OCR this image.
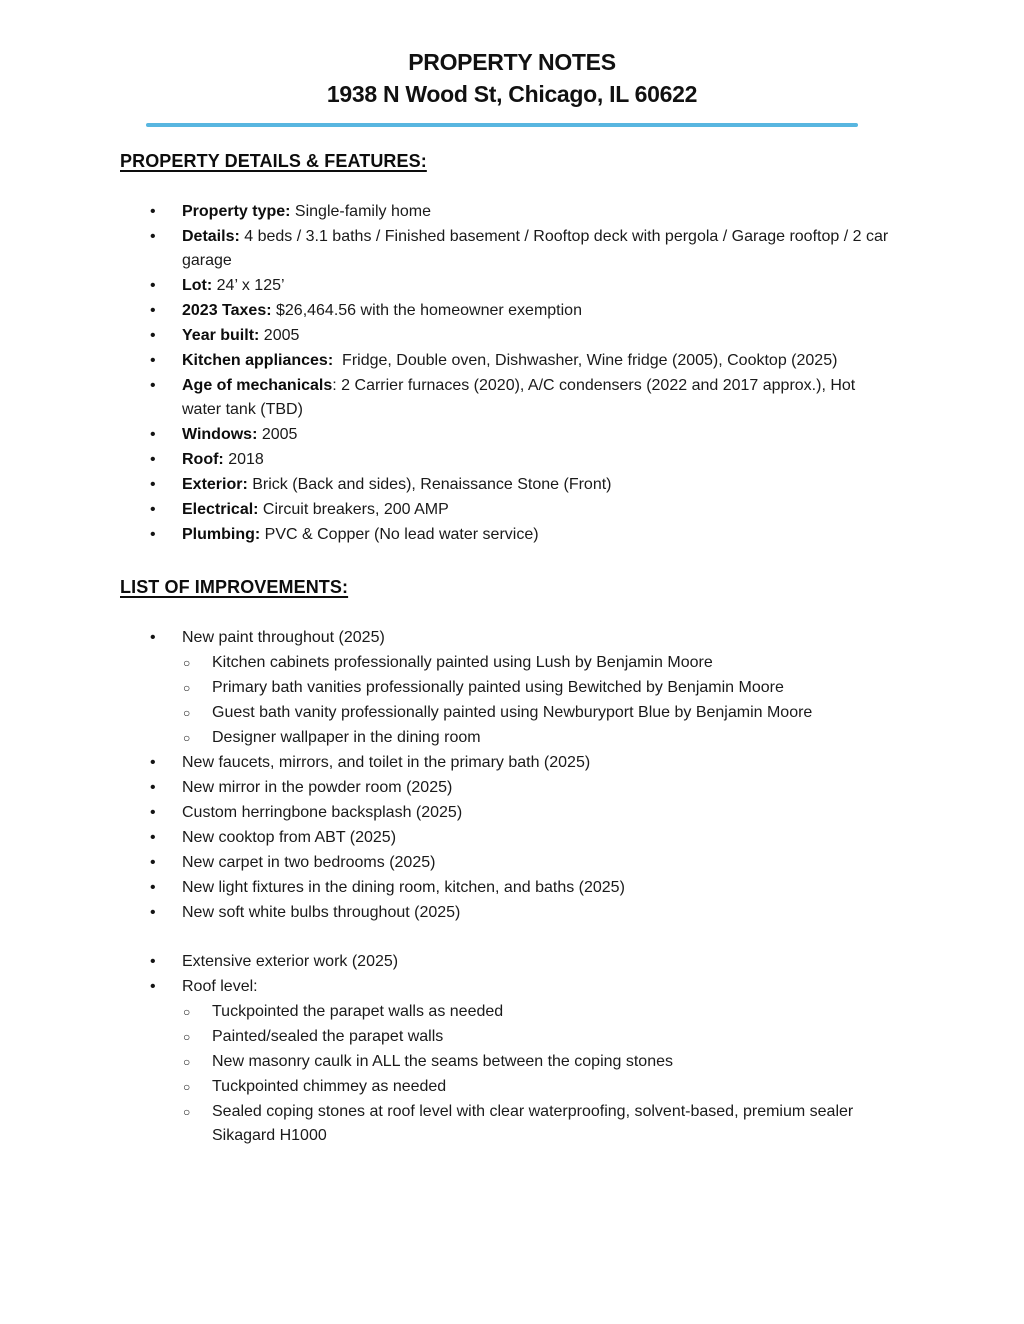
PROPERTY NOTES
1938 N Wood St, Chicago, IL 60622
PROPERTY DETAILS & FEATURES:
•	Property type: Single-family home
•	Details: 4 beds / 3.1 baths / Finished basement / Rooftop deck with pergola / Garage rooftop / 2 car garage
•	Lot: 24’ x 125’
•	2023 Taxes: $26,464.56 with the homeowner exemption
•	Year built: 2005
•	Kitchen appliances:  Fridge, Double oven, Dishwasher, Wine fridge (2005), Cooktop (2025)
•	Age of mechanicals: 2 Carrier furnaces (2020), A/C condensers (2022 and 2017 approx.), Hot water tank (TBD)
•	Windows: 2005
•	Roof: 2018
•	Exterior: Brick (Back and sides), Renaissance Stone (Front)
•	Electrical: Circuit breakers, 200 AMP
•	Plumbing: PVC & Copper (No lead water service)
LIST OF IMPROVEMENTS:
•	New paint throughout (2025)
○	Kitchen cabinets professionally painted using Lush by Benjamin Moore
○	Primary bath vanities professionally painted using Bewitched by Benjamin Moore
○	Guest bath vanity professionally painted using Newburyport Blue by Benjamin Moore
○	Designer wallpaper in the dining room
•	New faucets, mirrors, and toilet in the primary bath (2025)
•	New mirror in the powder room (2025)
•	Custom herringbone backsplash (2025)
•	New cooktop from ABT (2025)
•	New carpet in two bedrooms (2025)
•	New light fixtures in the dining room, kitchen, and baths (2025)
•	New soft white bulbs throughout (2025)
•	Extensive exterior work (2025)
•	Roof level:
○	Tuckpointed the parapet walls as needed
○	Painted/sealed the parapet walls
○	New masonry caulk in ALL the seams between the coping stones
○	Tuckpointed chimmey as needed
○	Sealed coping stones at roof level with clear waterproofing, solvent-based, premium sealer Sikagard H1000
